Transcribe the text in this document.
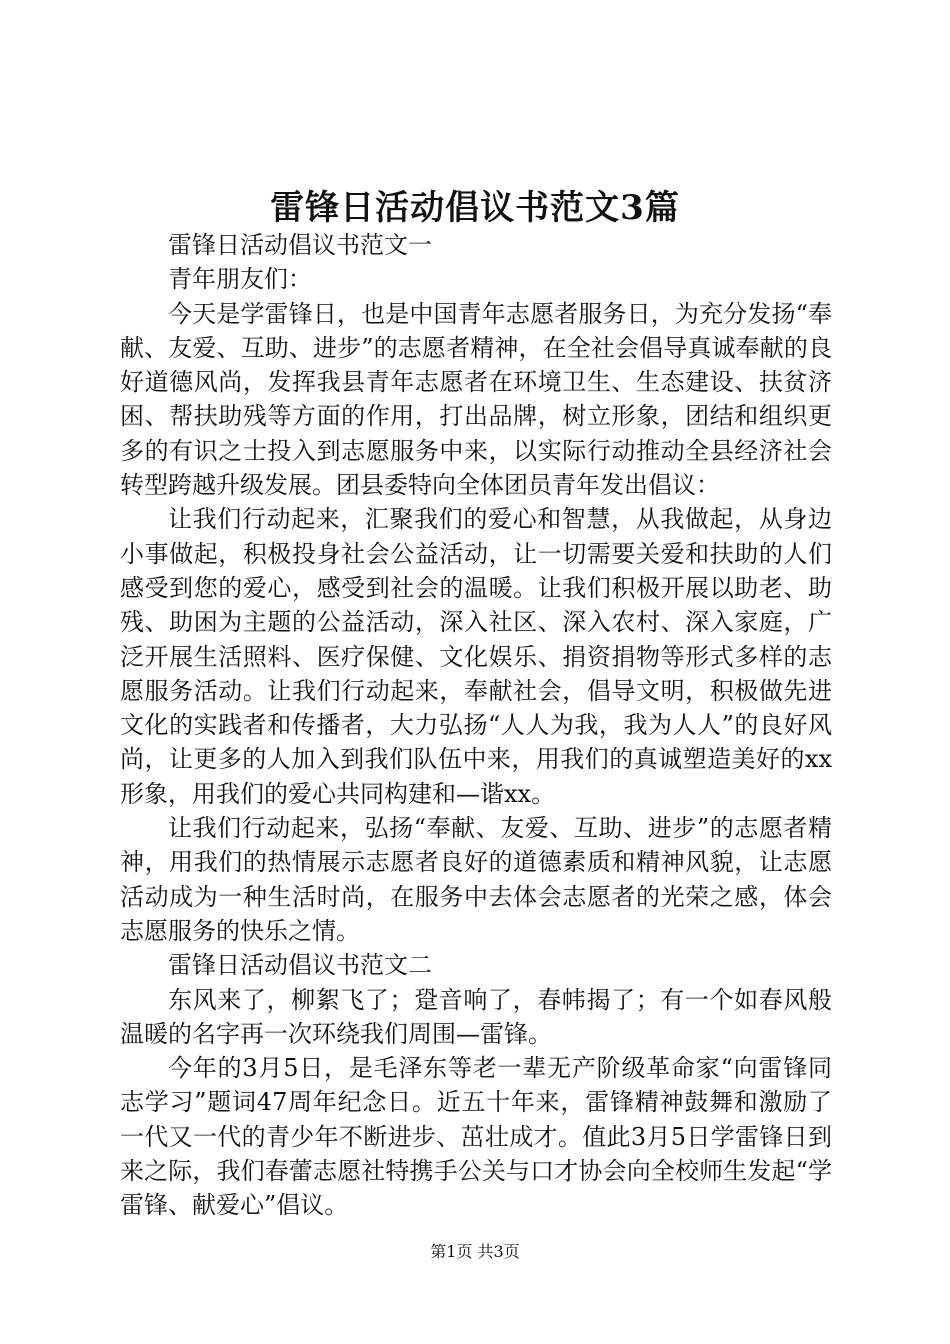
雷锋日活动倡议书范文3篇

雷锋日活动倡议书范文一

青年朋友们：

今天是学雷锋日，也是中国青年志愿者服务日，为充分发扬“奉献、友爱、互助、进步”的志愿者精神，在全社会倡导真诚奉献的良好道德风尚，发挥我县青年志愿者在环境卫生、生态建设、扶贫济困、帮扶助残等方面的作用，打出品牌，树立形象，团结和组织更多的有识之士投入到志愿服务中来，以实际行动推动全县经济社会转型跨越升级发展。团县委特向全体团员青年发出倡议：

让我们行动起来，汇聚我们的爱心和智慧，从我做起，从身边小事做起，积极投身社会公益活动，让一切需要关爱和扶助的人们感受到您的爱心，感受到社会的温暖。让我们积极开展以助老、助残、助困为主题的公益活动，深入社区、深入农村、深入家庭，广泛开展生活照料、医疗保健、文化娱乐、捐资捐物等形式多样的志愿服务活动。让我们行动起来，奉献社会，倡导文明，积极做先进文化的实践者和传播者，大力弘扬“人人为我，我为人人”的良好风尚，让更多的人加入到我们队伍中来，用我们的真诚塑造美好的xx形象，用我们的爱心共同构建和—谐xx。

让我们行动起来，弘扬“奉献、友爱、互助、进步”的志愿者精神，用我们的热情展示志愿者良好的道德素质和精神风貌，让志愿活动成为一种生活时尚，在服务中去体会志愿者的光荣之感，体会志愿服务的快乐之情。

雷锋日活动倡议书范文二

东风来了，柳絮飞了；跫音响了，春帏揭了；有一个如春风般温暖的名字再一次环绕我们周围—雷锋。

今年的3月5日，是毛泽东等老一辈无产阶级革命家“向雷锋同志学习”题词47周年纪念日。近五十年来，雷锋精神鼓舞和激励了一代又一代的青少年不断进步、茁壮成才。值此3月5日学雷锋日到来之际，我们春蕾志愿社特携手公关与口才协会向全校师生发起“学雷锋、献爱心”倡议。

第1页 共3页
